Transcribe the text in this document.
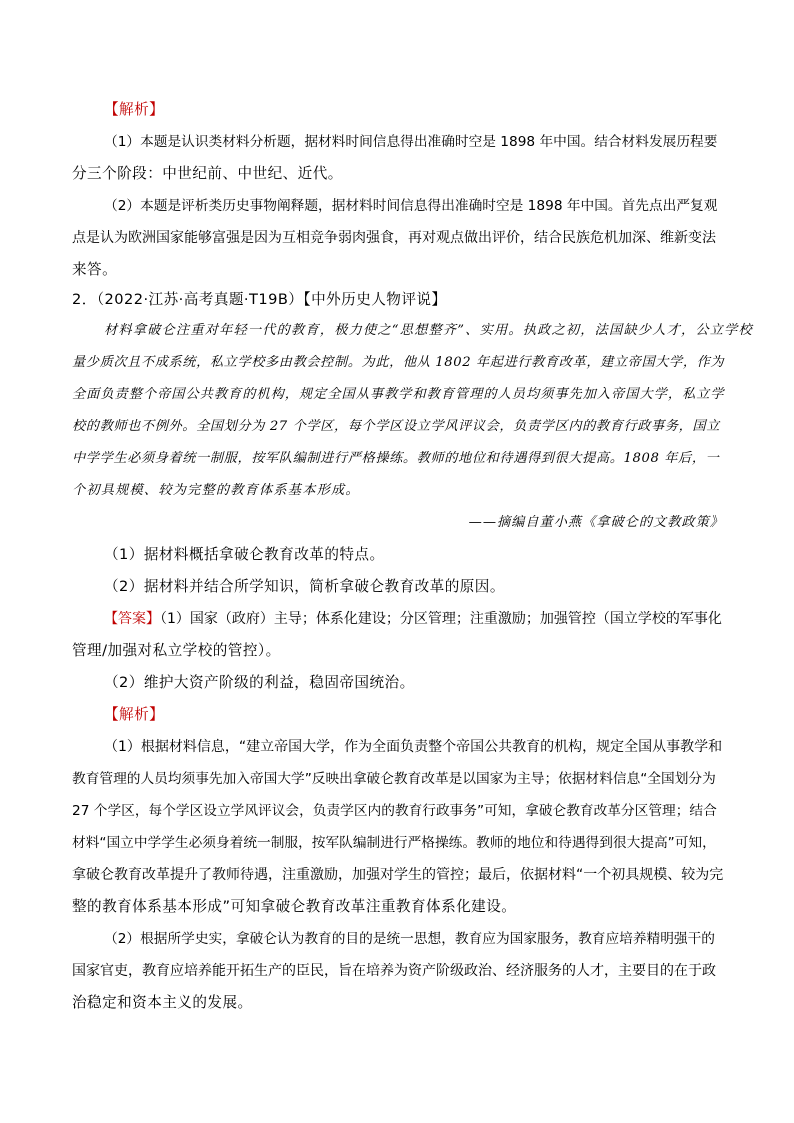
【解析】
（1）本题是认识类材料分析题，据材料时间信息得出准确时空是 1898 年中国。结合材料发展历程要
分三个阶段：中世纪前、中世纪、近代。
（2）本题是评析类历史事物阐释题，据材料时间信息得出准确时空是 1898 年中国。首先点出严复观
点是认为欧洲国家能够富强是因为互相竞争弱肉强食，再对观点做出评价，结合民族危机加深、维新变法
来答。
2．（2022·江苏·高考真题·T19B）【中外历史人物评说】
材料拿破仑注重对年轻一代的教育，极力使之“思想整齐”、实用。执政之初，法国缺少人才，公立学校
量少质次且不成系统，私立学校多由教会控制。为此，他从 1802 年起进行教育改革，建立帝国大学，作为
全面负责整个帝国公共教育的机构，规定全国从事教学和教育管理的人员均须事先加入帝国大学，私立学
校的教师也不例外。全国划分为 27 个学区，每个学区设立学风评议会，负责学区内的教育行政事务，国立
中学学生必须身着统一制服，按军队编制进行严格操练。教师的地位和待遇得到很大提高。1808 年后，一
个初具规模、较为完整的教育体系基本形成。
——摘编自董小燕《拿破仑的文教政策》
（1）据材料概括拿破仑教育改革的特点。
（2）据材料并结合所学知识，简析拿破仑教育改革的原因。
【答案】（1）国家（政府）主导；体系化建设；分区管理；注重激励；加强管控（国立学校的军事化
管理/加强对私立学校的管控）。
（2）维护大资产阶级的利益，稳固帝国统治。
【解析】
（1）根据材料信息，“建立帝国大学，作为全面负责整个帝国公共教育的机构，规定全国从事教学和
教育管理的人员均须事先加入帝国大学”反映出拿破仑教育改革是以国家为主导；依据材料信息“全国划分为
27 个学区，每个学区设立学风评议会，负责学区内的教育行政事务”可知，拿破仑教育改革分区管理；结合
材料“国立中学学生必须身着统一制服，按军队编制进行严格操练。教师的地位和待遇得到很大提高”可知，
拿破仑教育改革提升了教师待遇，注重激励，加强对学生的管控；最后，依据材料“一个初具规模、较为完
整的教育体系基本形成”可知拿破仑教育改革注重教育体系化建设。
（2）根据所学史实，拿破仑认为教育的目的是统一思想，教育应为国家服务，教育应培养精明强干的
国家官吏，教育应培养能开拓生产的臣民，旨在培养为资产阶级政治、经济服务的人才，主要目的在于政
治稳定和资本主义的发展。
